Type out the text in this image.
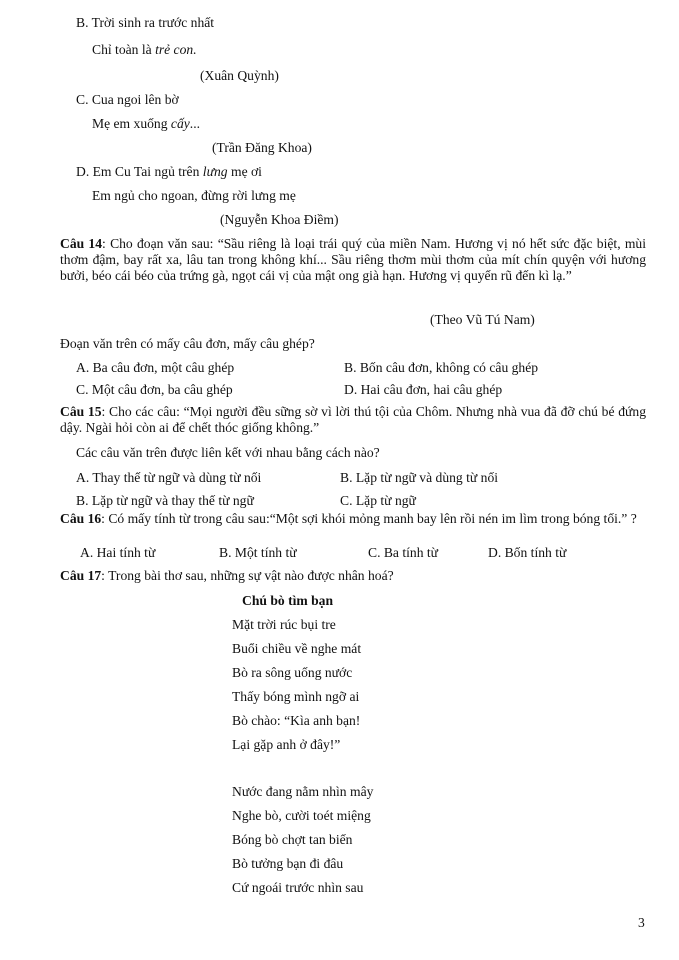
B. Trời sinh ra trước nhất
Chỉ toàn là trẻ con.
(Xuân Quỳnh)
C. Cua ngoi lên bờ
Mẹ em xuống cấy...
(Trần Đăng Khoa)
D. Em Cu Tai ngủ trên lưng mẹ ơi
Em ngủ cho ngoan, đừng rời lưng mẹ
(Nguyễn Khoa Điềm)
Câu 14: Cho đoạn văn sau: “Sầu riêng là loại trái quý của miền Nam. Hương vị nó hết sức đặc biệt, mùi thơm đậm, bay rất xa, lâu tan trong không khí... Sầu riêng thơm mùi thơm của mít chín quyện với hương bưởi, béo cái béo của trứng gà, ngọt cái vị của mật ong già hạn. Hương vị quyến rũ đến kì lạ.”
(Theo Vũ Tú Nam)
Đoạn văn trên có mấy câu đơn, mấy câu ghép?
A. Ba câu đơn, một câu ghép	B. Bốn câu đơn, không có câu ghép
C. Một câu đơn, ba câu ghép	D. Hai câu đơn, hai câu ghép
Câu 15: Cho các câu: “Mọi người đều sững sờ vì lời thú tội của Chôm. Nhưng nhà vua đã đỡ chú bé đứng dậy. Ngài hỏi còn ai để chết thóc giống không.”
Các câu văn trên được liên kết với nhau bằng cách nào?
A. Thay thế từ ngữ và dùng từ nối	B. Lặp từ ngữ và dùng từ nối
B. Lặp từ ngữ và thay thế từ ngữ	C. Lặp từ ngữ
Câu 16: Có mấy tính từ trong câu sau:“Một sợi khói mỏng manh bay lên rồi nén im lìm trong bóng tối.” ?
A. Hai tính từ	B. Một tính từ	C. Ba tính từ	D. Bốn tính từ
Câu 17: Trong bài thơ sau, những sự vật nào được nhân hoá?
Chú bò tìm bạn
Mặt trời rúc bụi tre
Buổi chiều về nghe mát
Bò ra sông uống nước
Thấy bóng mình ngỡ ai
Bò chào: “Kìa anh bạn!
Lại gặp anh ở đây!”
Nước đang nằm nhìn mây
Nghe bò, cười toét miệng
Bóng bò chợt tan biến
Bò tưởng bạn đi đâu
Cứ ngoái trước nhìn sau
3
